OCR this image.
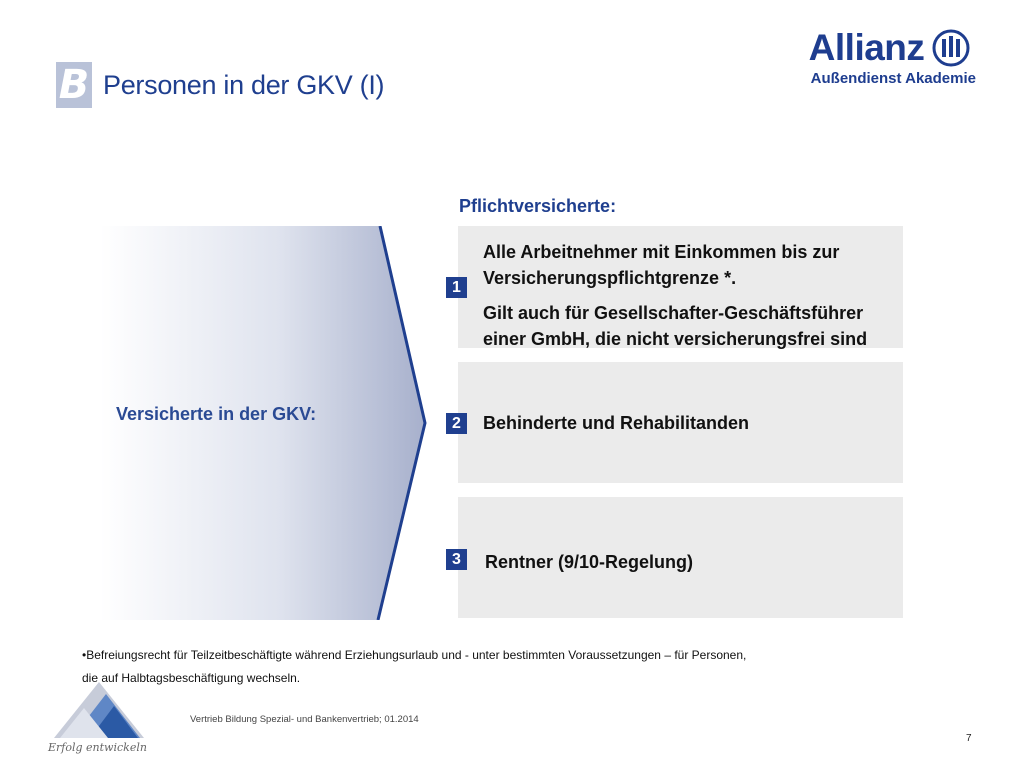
B Personen in der GKV (I)
Allianz
Außendienst Akademie
Pflichtversicherte:
Versicherte in der GKV:
1
2
3
Alle Arbeitnehmer mit Einkommen bis zur Versicherungspflichtgrenze *.
Gilt auch für Gesellschafter-Geschäftsführer einer GmbH, die nicht versicherungsfrei sind
Behinderte und Rehabilitanden
Rentner (9/10-Regelung)
•Befreiungsrecht für Teilzeitbeschäftigte während Erziehungsurlaub und - unter bestimmten Voraussetzungen – für Personen, die auf Halbtagsbeschäftigung wechseln.
Erfolg entwickeln
Vertrieb Bildung Spezial- und Bankenvertrieb; 01.2014
7
